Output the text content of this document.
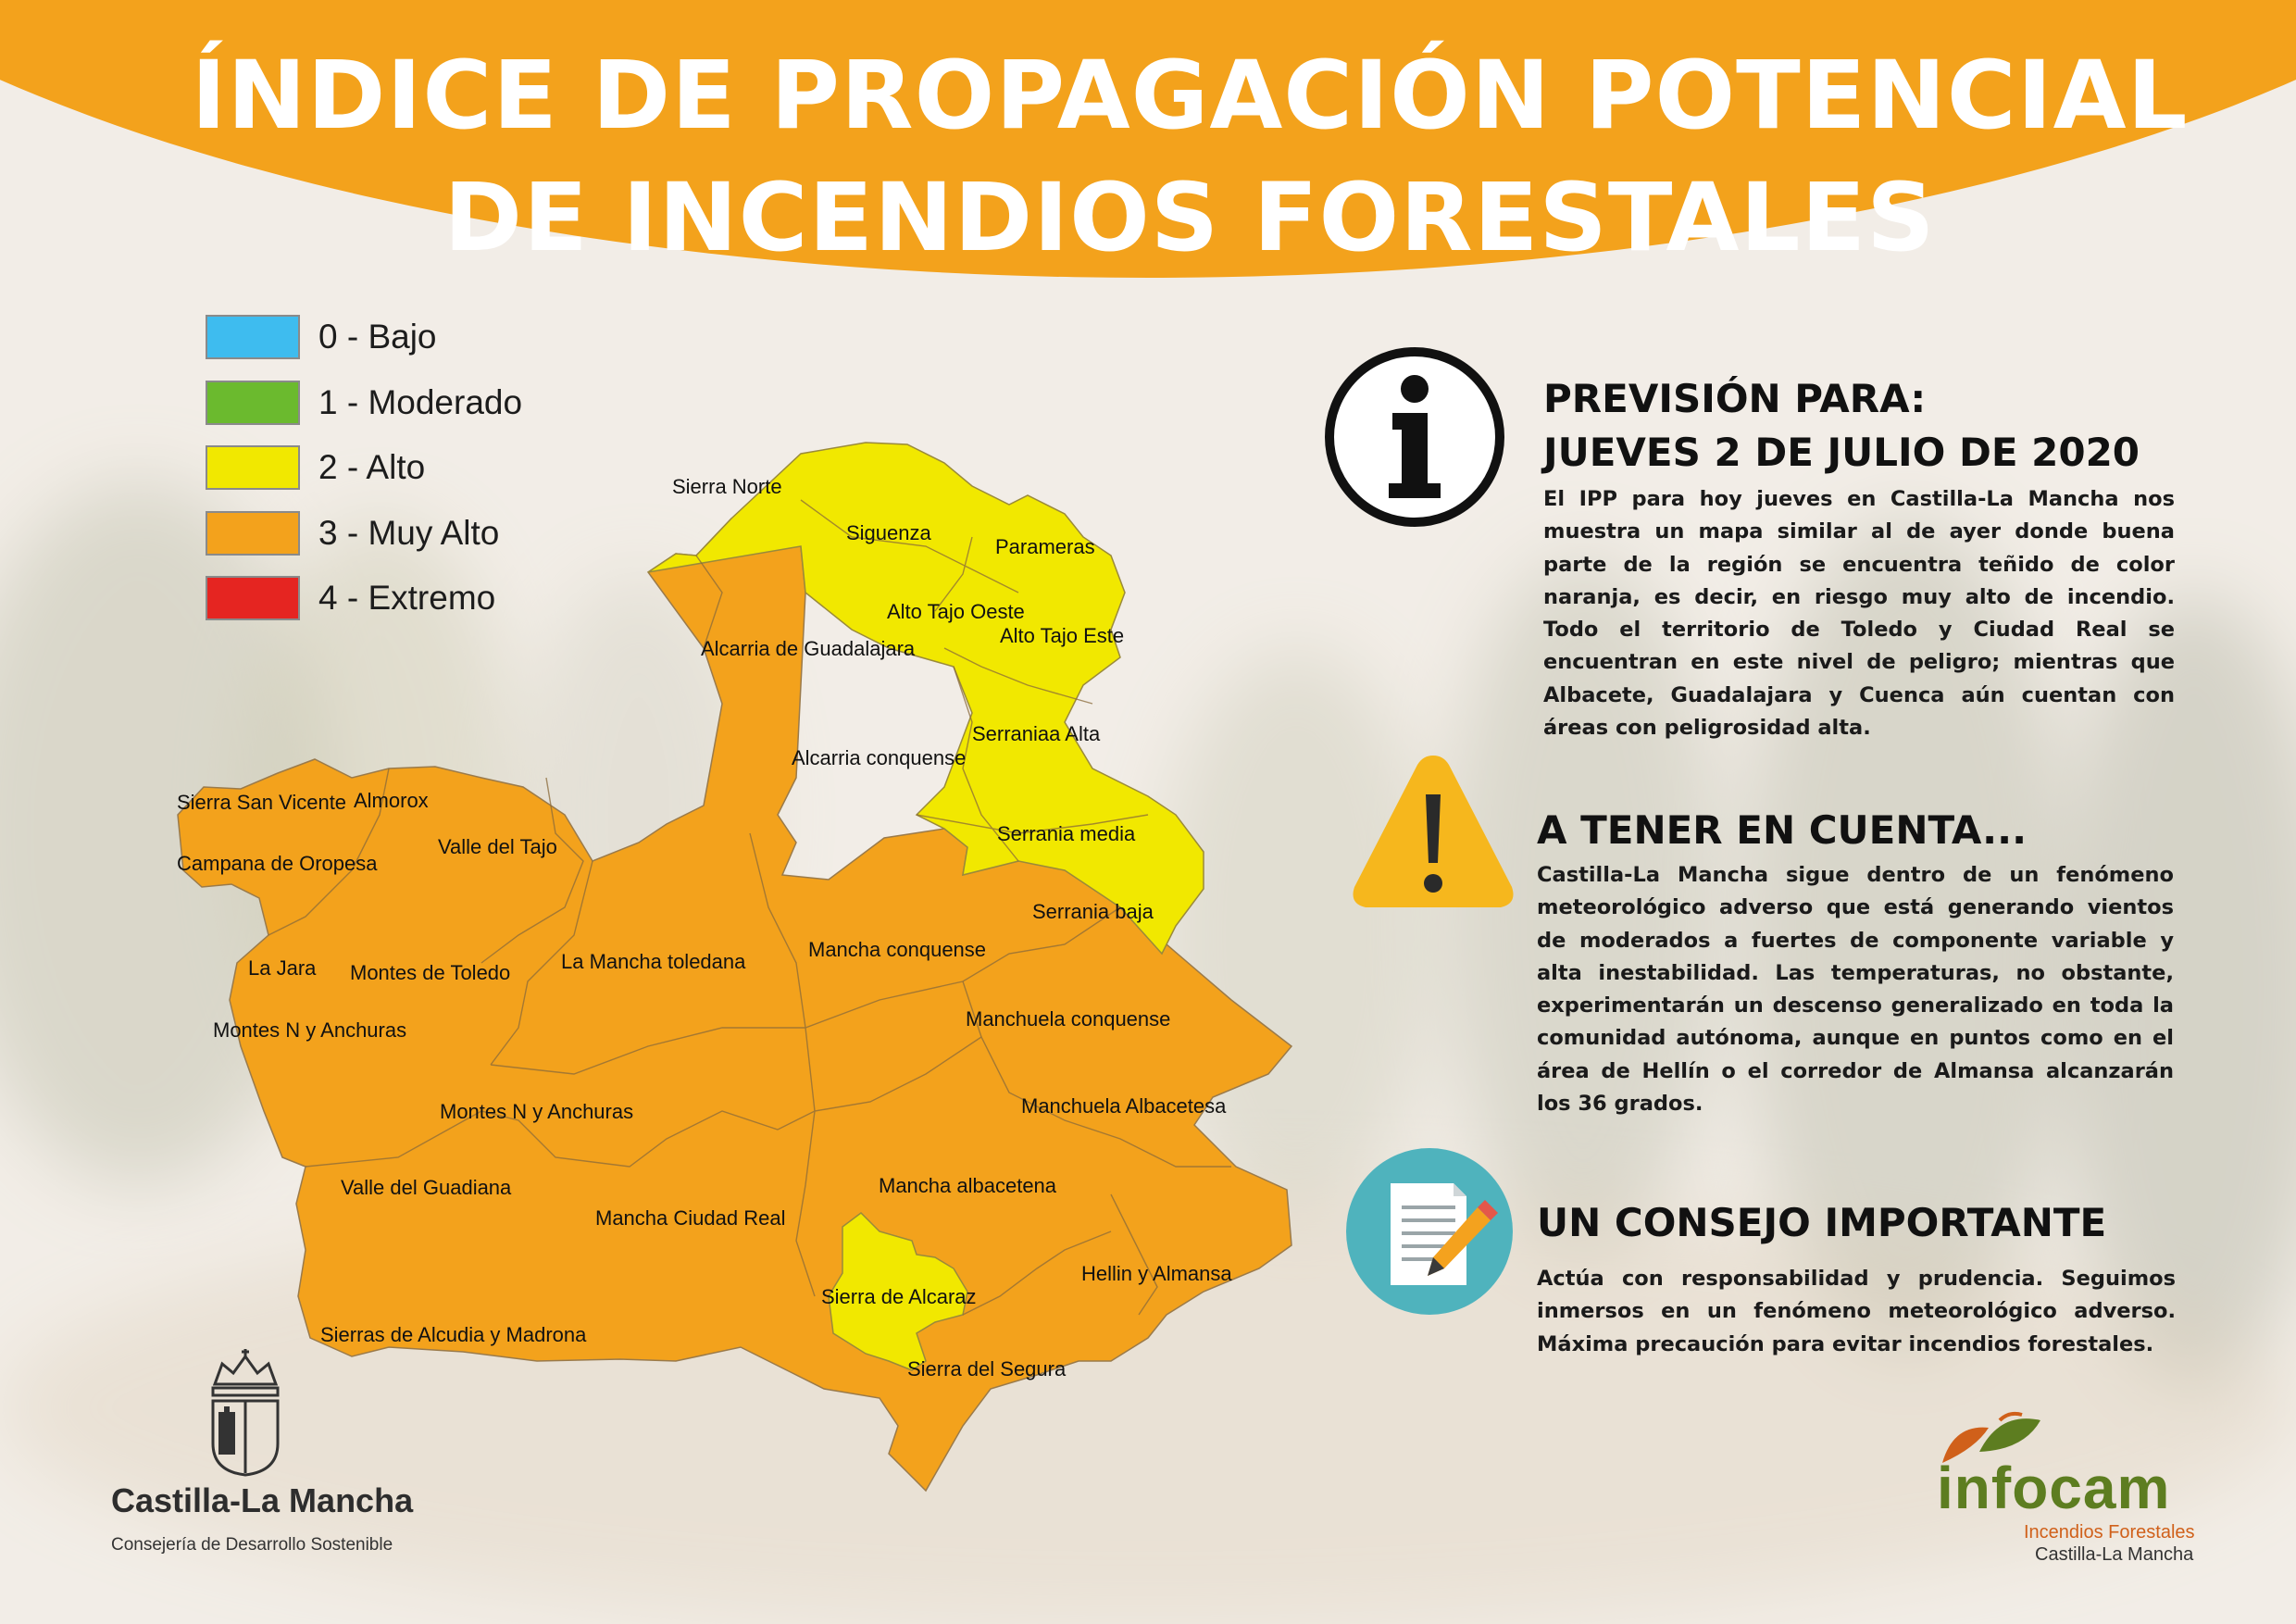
ÍNDICE DE PROPAGACIÓN POTENCIAL
DE INCENDIOS FORESTALES
0 - Bajo
1 - Moderado
2 - Alto
3 - Muy Alto
4 - Extremo
Sierra Norte
Siguenza
Parameras
Alto Tajo Oeste
Alto Tajo Este
Alcarria de Guadalajara
Serraniaa Alta
Alcarria conquense
Serrania media
Serrania baja
Sierra San Vicente Almorox
Valle del Tajo
Campana de Oropesa
La Jara Montes de Toledo La Mancha toledana
Mancha conquense
Manchuela conquense
Montes N y Anchuras
Manchuela Albacetesa
Montes N y Anchuras
Mancha albacetena
Valle del Guadiana
Mancha Ciudad Real
Hellin y Almansa
Sierra de Alcaraz
Sierras de Alcudia y Madrona
Sierra del Segura
PREVISIÓN PARA:
JUEVES 2 DE JULIO DE 2020
El IPP para hoy jueves en Castilla-La Mancha nos muestra un mapa similar al de ayer donde buena parte de la región se encuentra teñido de color naranja, es decir, en riesgo muy alto de incendio. Todo el territorio de Toledo y Ciudad Real se encuentran en este nivel de peligro; mientras que Albacete, Guadalajara y Cuenca aún cuentan con áreas con peligrosidad alta.
A TENER EN CUENTA...
Castilla-La Mancha sigue dentro de un fenómeno meteorológico adverso que está generando vientos de moderados a fuertes de componente variable y alta inestabilidad. Las temperaturas, no obstante, experimentarán un descenso generalizado en toda la comunidad autónoma, aunque en puntos como en el área de Hellín o el corredor de Almansa alcanzarán los 36 grados.
UN CONSEJO IMPORTANTE
Actúa con responsabilidad y prudencia. Seguimos inmersos en un fenómeno meteorológico adverso. Máxima precaución para evitar incendios forestales.
Castilla-La Mancha
Consejería de Desarrollo Sostenible
infocam
Incendios Forestales
Castilla-La Mancha
